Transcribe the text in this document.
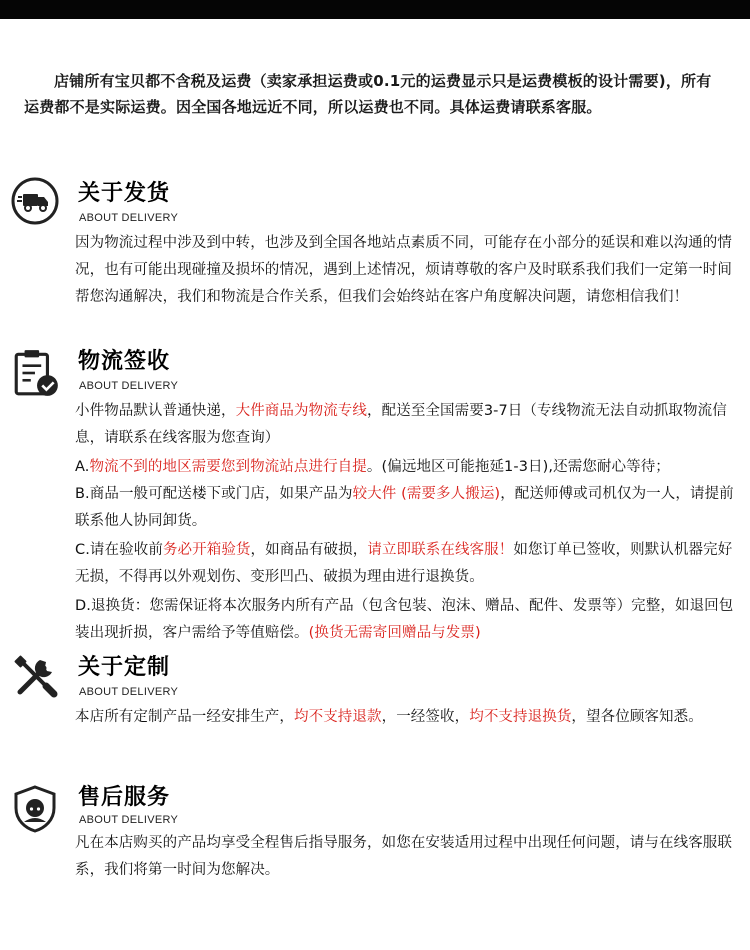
店铺所有宝贝都不含税及运费（卖家承担运费或0.1元的运费显示只是运费模板的设计需要)，所有运费都不是实际运费。因全国各地远近不同，所以运费也不同。具体运费请联系客服。
关于发货
ABOUT DELIVERY

因为物流过程中涉及到中转，也涉及到全国各地站点素质不同，可能存在小部分的延误和难以沟通的情况，也有可能出现碰撞及损坏的情况，遇到上述情况，烦请尊敬的客户及时联系我们我们一定第一时间帮您沟通解决，我们和物流是合作关系，但我们会始终站在客户角度解决问题，请您相信我们！

物流签收
ABOUT DELIVERY

小件物品默认普通快递，大件商品为物流专线，配送至全国需要3-7日（专线物流无法自动抓取物流信息，请联系在线客服为您查询）

A.物流不到的地区需要您到物流站点进行自提。(偏远地区可能拖延1-3日),还需您耐心等待；

B.商品一般可配送楼下或门店，如果产品为较大件 (需要多人搬运)，配送师傅或司机仅为一人，请提前联系他人协同卸货。

C.请在验收前务必开箱验货，如商品有破损，请立即联系在线客服！如您订单已签收，则默认机器完好无损，不得再以外观划伤、变形凹凸、破损为理由进行退换货。

D.退换货：您需保证将本次服务内所有产品（包含包装、泡沫、赠品、配件、发票等）完整，如退回包装出现折损，客户需给予等值赔偿。(换货无需寄回赠品与发票)

关于定制
ABOUT DELIVERY

本店所有定制产品一经安排生产，均不支持退款，一经签收，均不支持退换货，望各位顾客知悉。

售后服务
ABOUT DELIVERY

凡在本店购买的产品均享受全程售后指导服务，如您在安装适用过程中出现任何问题，请与在线客服联系，我们将第一时间为您解决。
